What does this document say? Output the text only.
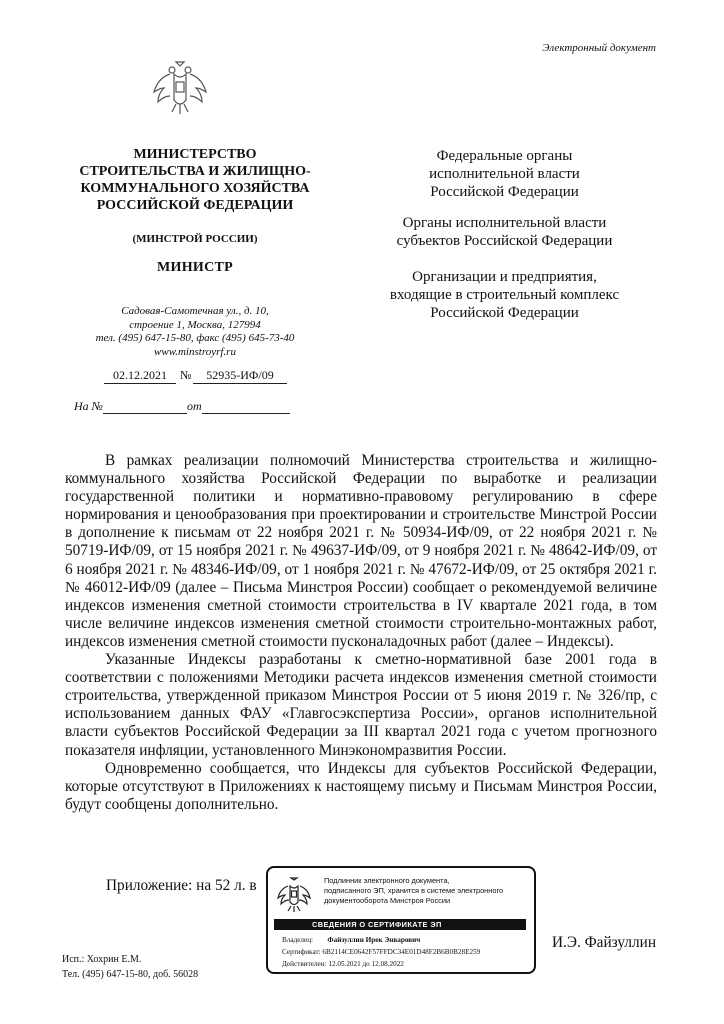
Электронный документ
МИНИСТЕРСТВО
СТРОИТЕЛЬСТВА И ЖИЛИЩНО-
КОММУНАЛЬНОГО ХОЗЯЙСТВА
РОССИЙСКОЙ ФЕДЕРАЦИИ
(МИНСТРОЙ РОССИИ)
МИНИСТР
Садовая-Самотечная ул., д. 10,
строение 1, Москва, 127994
тел. (495) 647-15-80, факс (495) 645-73-40
www.minstroyrf.ru
02.12.2021	№	52935-ИФ/09
На №	от
Федеральные органы
исполнительной власти
Российской Федерации
Органы исполнительной власти
субъектов Российской Федерации
Организации и предприятия,
входящие в строительный комплекс
Российской Федерации

В рамках реализации полномочий Министерства строительства и жилищно-коммунального хозяйства Российской Федерации по выработке и реализации государственной политики и нормативно-правовому регулированию в сфере нормирования и ценообразования при проектировании и строительстве Минстрой России в дополнение к письмам от 22 ноября 2021 г. № 50934-ИФ/09, от 22 ноября 2021 г. № 50719-ИФ/09, от 15 ноября 2021 г. № 49637-ИФ/09, от 9 ноября 2021 г. № 48642-ИФ/09, от 6 ноября 2021 г. № 48346-ИФ/09, от 1 ноября 2021 г. № 47672-ИФ/09, от 25 октября 2021 г. № 46012-ИФ/09 (далее – Письма Минстроя России) сообщает о рекомендуемой величине индексов изменения сметной стоимости строительства в IV квартале 2021 года, в том числе величине индексов изменения сметной стоимости строительно-монтажных работ, индексов изменения сметной стоимости пусконаладочных работ (далее – Индексы).

Указанные Индексы разработаны к сметно-нормативной базе 2001 года в соответствии с положениями Методики расчета индексов изменения сметной стоимости строительства, утвержденной приказом Минстроя России от 5 июня 2019 г. № 326/пр, с использованием данных ФАУ «Главгосэкспертиза России», органов исполнительной власти субъектов Российской Федерации за III квартал 2021 года с учетом прогнозного показателя инфляции, установленного Минэкономразвития России.

Одновременно сообщается, что Индексы для субъектов Российской Федерации, которые отсутствуют в Приложениях к настоящему письму и Письмам Минстроя России, будут сообщены дополнительно.

Приложение: на 52 л. в	Подлинник электронного документа,
подписанного ЭП, хранится в системе электронного
документооборота Минстроя России
СВЕДЕНИЯ О СЕРТИФИКАТЕ ЭП
Владелец: Файзуллин Ирек Энварович
Сертификат: 6B2114CE0642F57FFDC34E01D48F2B6B0B28E259
Действителен: 12.05.2021 до 12.08.2022
И.Э. Файзуллин
Исп.: Хохрин Е.М.
Тел. (495) 647-15-80, доб. 56028
